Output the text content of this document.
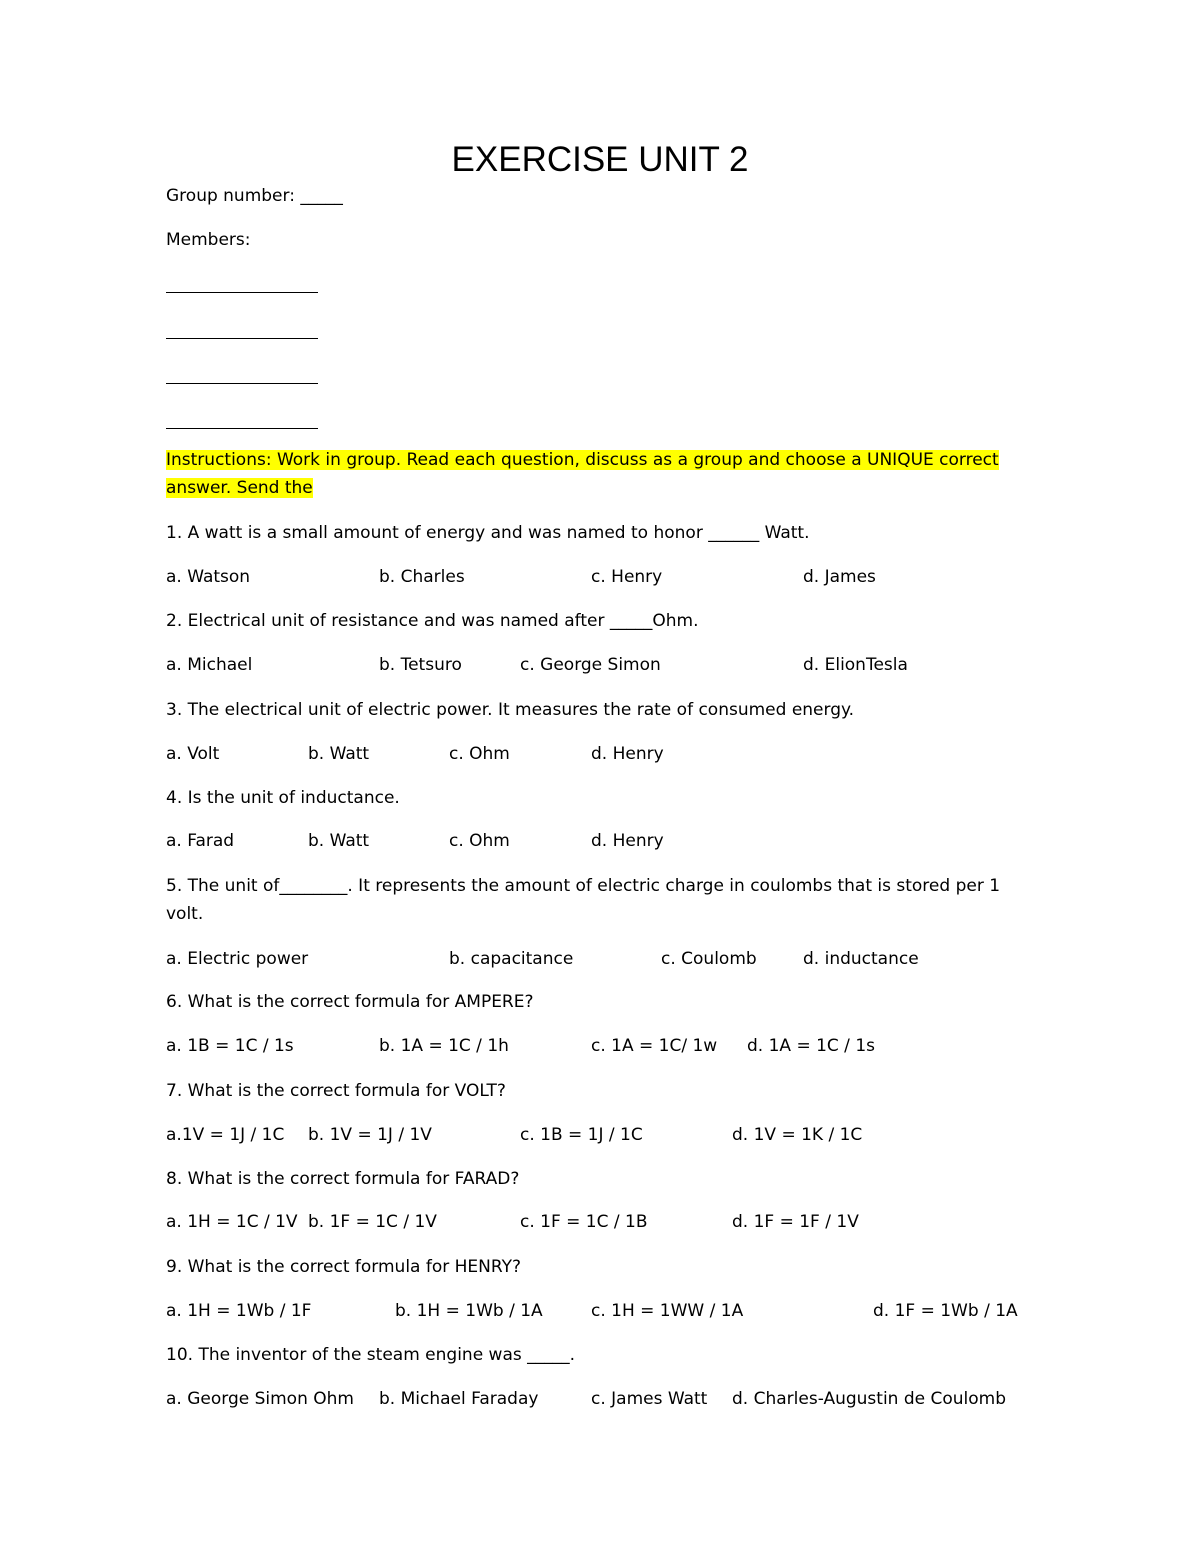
EXERCISE UNIT 2
Group number: _____
Members:
Instructions: Work in group. Read each question, discuss as a group and choose a UNIQUE correct
answer. Send the
1. A watt is a small amount of energy and was named to honor ______ Watt.
a. Watson	b. Charles	c. Henry	d. James
2. Electrical unit of resistance and was named after _____Ohm.
a. Michael	b. Tetsuro	c. George Simon	d. ElionTesla
3. The electrical unit of electric power. It measures the rate of consumed energy.
a. Volt	b. Watt	c. Ohm	d. Henry
4. Is the unit of inductance.
a. Farad	b. Watt	c. Ohm	d. Henry
5. The unit of________. It represents the amount of electric charge in coulombs that is stored per 1
volt.
a. Electric power	b. capacitance	c. Coulomb	d. inductance
6. What is the correct formula for AMPERE?
a. 1B = 1C / 1s	b. 1A = 1C / 1h	c. 1A = 1C/ 1w d. 1A = 1C / 1s
7. What is the correct formula for VOLT?
a.1V = 1J / 1C b. 1V = 1J / 1V	c. 1B = 1J / 1C	d. 1V = 1K / 1C
8. What is the correct formula for FARAD?
a. 1H = 1C / 1V b. 1F = 1C / 1V	c. 1F = 1C / 1B	d. 1F = 1F / 1V
9. What is the correct formula for HENRY?
a. 1H = 1Wb / 1F	b. 1H = 1Wb / 1A	c. 1H = 1WW / 1A	d. 1F = 1Wb / 1A
10. The inventor of the steam engine was _____.
a. George Simon Ohm b. Michael Faraday	c. James Watt d. Charles-Augustin de Coulomb
